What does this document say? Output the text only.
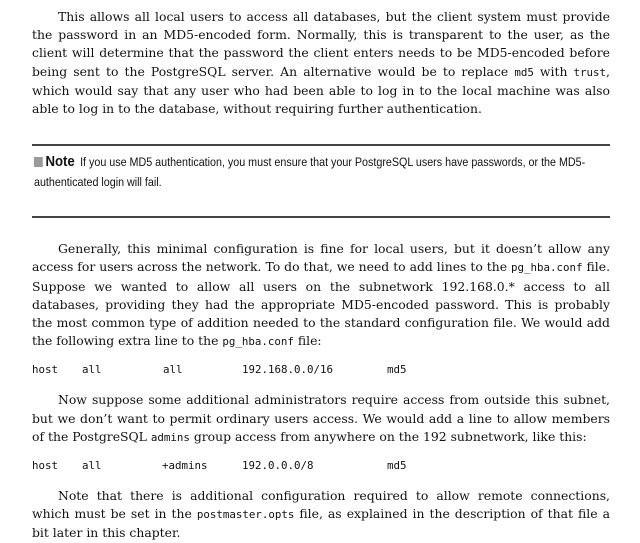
This allows all local users to access all databases, but the client system must provide the password in an MD5-encoded form. Normally, this is transparent to the user, as the client will determine that the password the client enters needs to be MD5-encoded before being sent to the PostgreSQL server. An alternative would be to replace md5 with trust, which would say that any user who had been able to log in to the local machine was also able to log in to the database, without requiring further authentication.

Note If you use MD5 authentication, you must ensure that your PostgreSQL users have passwords, or the MD5-authenticated login will fail.

Generally, this minimal configuration is fine for local users, but it doesn’t allow any access for users across the network. To do that, we need to add lines to the pg_hba.conf file. Suppose we wanted to allow all users on the subnetwork 192.168.0.* access to all databases, providing they had the appropriate MD5-encoded password. This is probably the most common type of addition needed to the standard configuration file. We would add the following extra line to the pg_hba.conf file:

host all	all	192.168.0.0/16	md5

Now suppose some additional administrators require access from outside this subnet, but we don’t want to permit ordinary users access. We would add a line to allow members of the PostgreSQL admins group access from anywhere on the 192 subnetwork, like this:

host all	+admins	192.0.0.0/8	md5

Note that there is additional configuration required to allow remote connections, which must be set in the postmaster.opts file, as explained in the description of that file a bit later in this chapter.
